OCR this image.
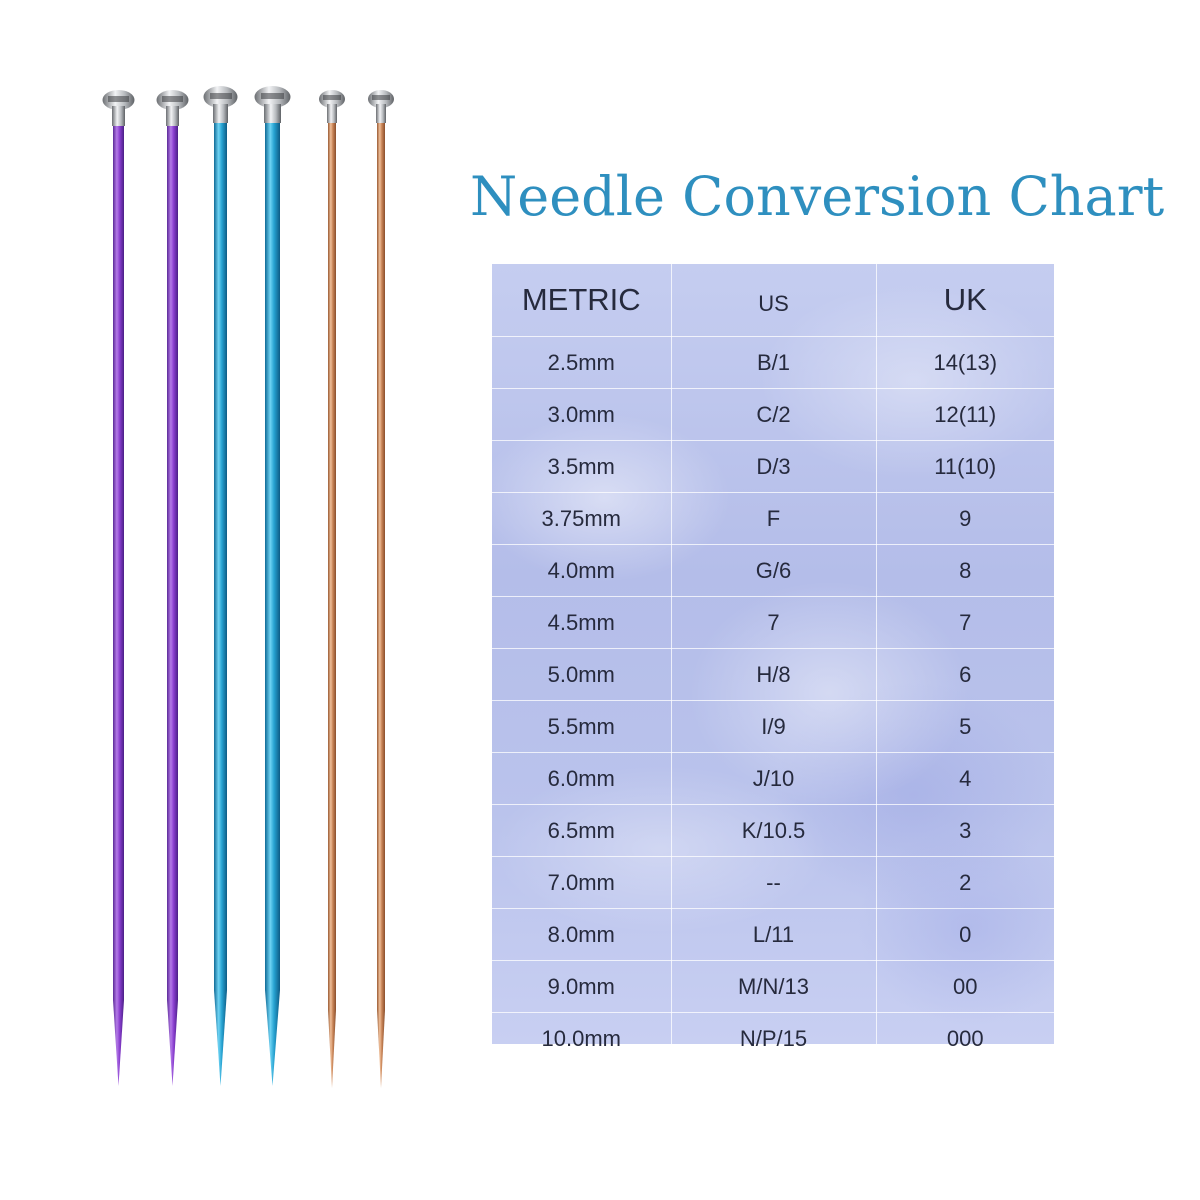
Needle Conversion Chart
METRIC	US	UK
2.5mm	B/1	14(13)
3.0mm	C/2	12(11)
3.5mm	D/3	11(10)
3.75mm	F	9
4.0mm	G/6	8
4.5mm	7	7
5.0mm	H/8	6
5.5mm	I/9	5
6.0mm	J/10	4
6.5mm	K/10.5	3
7.0mm	--	2
8.0mm	L/11	0
9.0mm	M/N/13	00
10.0mm	N/P/15	000
